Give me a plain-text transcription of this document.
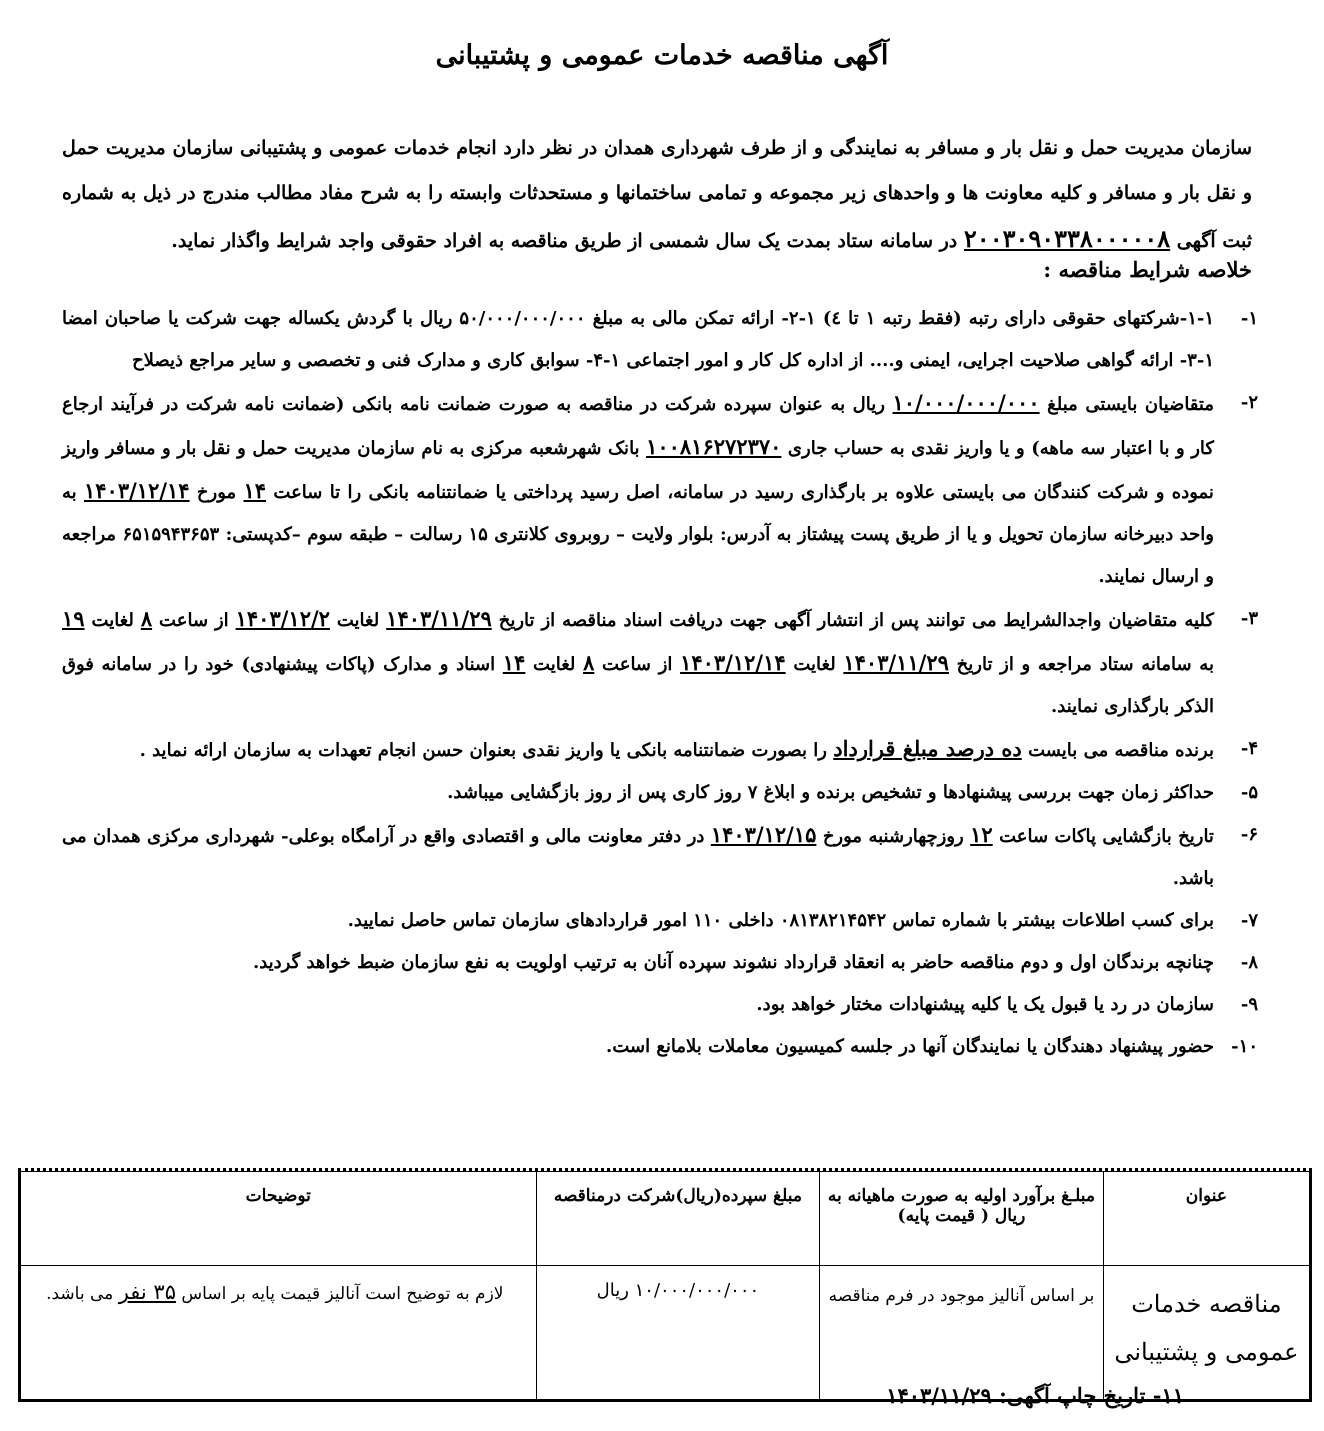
آگهی مناقصه خدمات عمومی و پشتیبانی
سازمان مدیریت حمل و نقل بار و مسافر به نمایندگی و از طرف شهرداری همدان در نظر دارد انجام خدمات عمومی و پشتیبانی سازمان مدیریت حمل و نقل بار و مسافر و کلیه معاونت ها و واحدهای زیر مجموعه و تمامی ساختمانها و مستحدثات وابسته را به شرح مفاد مطالب مندرج در ذیل به شماره ثبت آگهی ۲۰۰۳۰۹۰۳۳۸۰۰۰۰۰۸ در سامانه ستاد بمدت یک سال شمسی از طریق مناقصه به افراد حقوقی واجد شرایط واگذار نماید.
خلاصه شرایط مناقصه :
۱-
۱-۱-شرکتهای حقوقی دارای رتبه (فقط رتبه ۱ تا ٤) ۱-۲- ارائه تمکن مالی به مبلغ ۵۰/۰۰۰/۰۰۰/۰۰۰ ریال با گردش یکساله جهت شرکت یا صاحبان امضا ۱-۳- ارائه گواهی صلاحیت اجرایی، ایمنی و.... از اداره کل کار و امور اجتماعی ۱-۴- سوابق کاری و مدارک فنی و تخصصی و سایر مراجع ذیصلاح
۲-
متقاضیان بایستی مبلغ ۱۰/۰۰۰/۰۰۰/۰۰۰ ریال به عنوان سپرده شرکت در مناقصه به صورت ضمانت نامه بانکی (ضمانت نامه شرکت در فرآیند ارجاع کار و با اعتبار سه ماهه) و یا واریز نقدی به حساب جاری ۱۰۰۸۱۶۲۷۲۳۷۰ بانک شهرشعبه مرکزی به نام سازمان مدیریت حمل و نقل بار و مسافر واریز نموده و شرکت کنندگان می بایستی علاوه بر بارگذاری رسید در سامانه، اصل رسید پرداختی یا ضمانتنامه بانکی را تا ساعت ۱۴ مورخ ۱۴۰۳/۱۲/۱۴ به واحد دبیرخانه سازمان تحویل و یا از طریق پست پیشتاز به آدرس: بلوار ولایت – روبروی کلانتری ۱۵ رسالت – طبقه سوم –کدپستی: ۶۵۱۵۹۴۳۶۵۳ مراجعه و ارسال نمایند.
۳-
کلیه متقاضیان واجدالشرایط می توانند پس از انتشار آگهی جهت دریافت اسناد مناقصه از تاریخ ۱۴۰۳/۱۱/۲۹ لغایت ۱۴۰۳/۱۲/۲ از ساعت ۸ لغایت ۱۹ به سامانه ستاد مراجعه و از تاریخ ۱۴۰۳/۱۱/۲۹ لغایت ۱۴۰۳/۱۲/۱۴ از ساعت ۸ لغایت ۱۴ اسناد و مدارک (پاکات پیشنهادی) خود را در سامانه فوق الذکر بارگذاری نمایند.
۴-
برنده مناقصه می بایست ده درصد مبلغ قرارداد را بصورت ضمانتنامه بانکی یا واریز نقدی بعنوان حسن انجام تعهدات به سازمان ارائه نماید .
۵-
حداکثر زمان جهت بررسی پیشنهادها و تشخیص برنده و ابلاغ ۷ روز کاری پس از روز بازگشایی میباشد.
۶-
تاریخ بازگشایی پاکات ساعت ۱۲ روزچهارشنبه مورخ ۱۴۰۳/۱۲/۱۵ در دفتر معاونت مالی و اقتصادی واقع در آرامگاه بوعلی- شهرداری مرکزی همدان می باشد.
۷-
برای کسب اطلاعات بیشتر با شماره تماس ۰۸۱۳۸۲۱۴۵۴۲ داخلی ۱۱۰ امور قراردادهای سازمان تماس حاصل نمایید.
۸-
چنانچه برندگان اول و دوم مناقصه حاضر به انعقاد قرارداد نشوند سپرده آنان به ترتیب اولویت به نفع سازمان ضبط خواهد گردید.
۹-
سازمان در رد یا قبول یک یا کلیه پیشنهادات مختار خواهد بود.
۱۰-
حضور پیشنهاد دهندگان یا نمایندگان آنها در جلسه کمیسیون معاملات بلامانع است.
عنوان	مبلـغ برآورد اولیه به صورت ماهیانه به ریال ( قیمت پایه)	مبلغ سپرده(ریال)شرکت درمناقصه	توضیحات
مناقصه خدمات عمومی و پشتیبانی	بر اساس آنالیز موجود در فرم مناقصه	۱۰/۰۰۰/۰۰۰/۰۰۰ ریال	لازم به توضیح است آنالیز قیمت پایه بر اساس ۳۵ نفر می باشد.
۱۱- تاریخ چاپ آگهی: ۱۴۰۳/۱۱/۲۹
